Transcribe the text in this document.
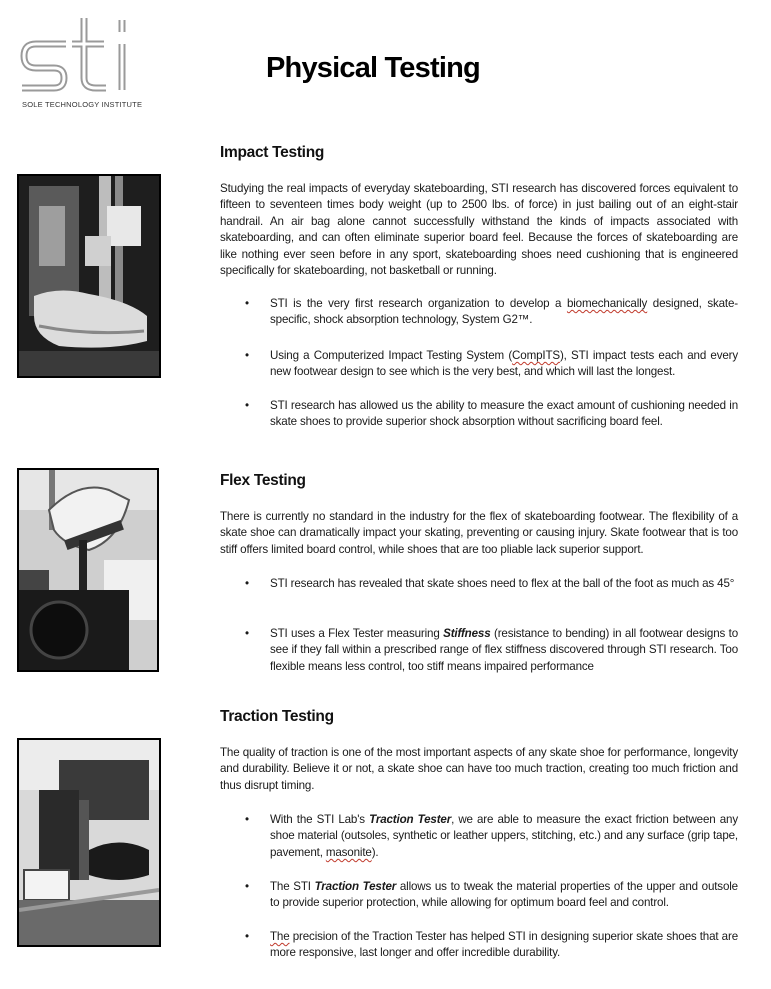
sti
SOLE TECHNOLOGY INSTITUTE
Physical Testing
Impact Testing
Studying the real impacts of everyday skateboarding, STI research has discovered forces equivalent to fifteen to seventeen times body weight (up to 2500 lbs. of force) in just bailing out of an eight-stair handrail. An air bag alone cannot successfully withstand the kinds of impacts associated with skateboarding, and can often eliminate superior board feel. Because the forces of skateboarding are like nothing ever seen before in any sport, skateboarding shoes need cushioning that is engineered specifically for skateboarding, not basketball or running.
•	STI is the very first research organization to develop a biomechanically designed, skate-specific, shock absorption technology, System G2™.
•	Using a Computerized Impact Testing System (CompITS), STI impact tests each and every new footwear design to see which is the very best, and which will last the longest.
•	STI research has allowed us the ability to measure the exact amount of cushioning needed in skate shoes to provide superior shock absorption without sacrificing board feel.
Flex Testing
There is currently no standard in the industry for the flex of skateboarding footwear. The flexibility of a skate shoe can dramatically impact your skating, preventing or causing injury. Skate footwear that is too stiff offers limited board control, while shoes that are too pliable lack superior support.
•	STI research has revealed that skate shoes need to flex at the ball of the foot as much as 45°
•	STI uses a Flex Tester measuring Stiffness (resistance to bending) in all footwear designs to see if they fall within a prescribed range of flex stiffness discovered through STI research. Too flexible means less control, too stiff means impaired performance
Traction Testing
The quality of traction is one of the most important aspects of any skate shoe for performance, longevity and durability. Believe it or not, a skate shoe can have too much traction, creating too much friction and thus disrupt timing.
•	With the STI Lab's Traction Tester, we are able to measure the exact friction between any shoe material (outsoles, synthetic or leather uppers, stitching, etc.) and any surface (grip tape, pavement, masonite).
•	The STI Traction Tester allows us to tweak the material properties of the upper and outsole to provide superior protection, while allowing for optimum board feel and control.
•	The precision of the Traction Tester has helped STI in designing superior skate shoes that are more responsive, last longer and offer incredible durability.
